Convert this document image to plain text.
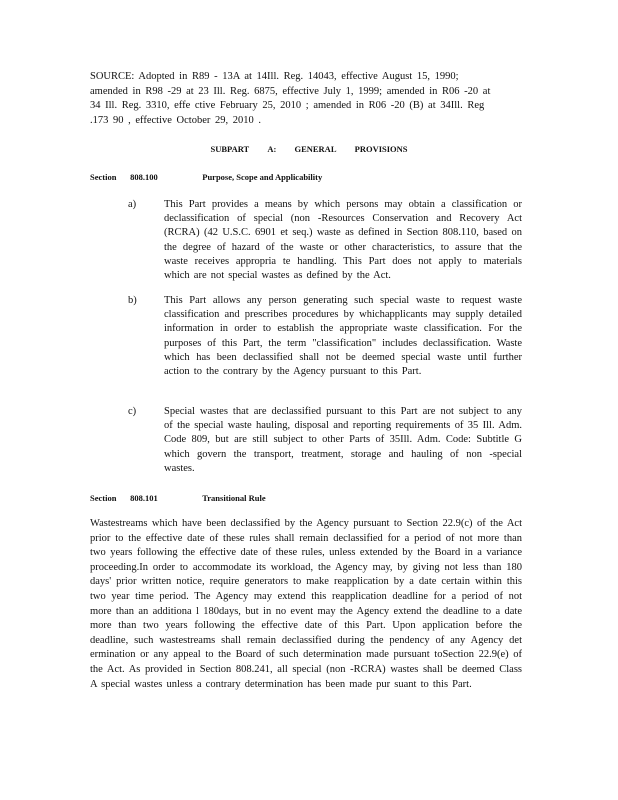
SOURCE: Adopted in R89 - 13A at 14Ill. Reg. 14043, effective August 15, 1990; amended in R98 -29 at 23 Ill. Reg. 6875, effective July 1, 1999; amended in R06 -20 at 34 Ill. Reg. 3310, effe ctive February 25, 2010 ; amended in R06 -20 (B) at 34Ill. Reg .173 90 , effective October 29, 2010 .
SUBPART A: GENERAL PROVISIONS
Section 808.100	Purpose, Scope and Applicability
a)	This Part provides a means by which persons may obtain a classification or declassification of special (non -Resources Conservation and Recovery Act (RCRA) (42 U.S.C. 6901 et seq.) waste as defined in Section 808.110, based on the degree of hazard of the waste or other characteristics, to assure that the waste receives appropria te handling. This Part does not apply to materials which are not special wastes as defined by the Act.
b)	This Part allows any person generating such special waste to request waste classification and prescribes procedures by whichapplicants may supply detailed information in order to establish the appropriate waste classification. For the purposes of this Part, the term "classification" includes declassification. Waste which has been declassified shall not be deemed special waste until further action to the contrary by the Agency pursuant to this Part.
c)	Special wastes that are declassified pursuant to this Part are not subject to any of the special waste hauling, disposal and reporting requirements of 35 Ill. Adm. Code 809, but are still subject to other Parts of 35Ill. Adm. Code: Subtitle G which govern the transport, treatment, storage and hauling of non -special wastes.
Section 808.101	Transitional Rule
Wastestreams which have been declassified by the Agency pursuant to Section 22.9(c) of the Act prior to the effective date of these rules shall remain declassified for a period of not more than two years following the effective date of these rules, unless extended by the Board in a variance proceeding.In order to accommodate its workload, the Agency may, by giving not less than 180 days' prior written notice, require generators to make reapplication by a date certain within this two year time period. The Agency may extend this reapplication deadline for a period of not more than an additiona l 180days, but in no event may the Agency extend the deadline to a date more than two years following the effective date of this Part. Upon application before the deadline, such wastestreams shall remain declassified during the pendency of any Agency det ermination or any appeal to the Board of such determination made pursuant toSection 22.9(e) of the Act. As provided in Section 808.241, all special (non -RCRA) wastes shall be deemed Class A special wastes unless a contrary determination has been made pur suant to this Part.
